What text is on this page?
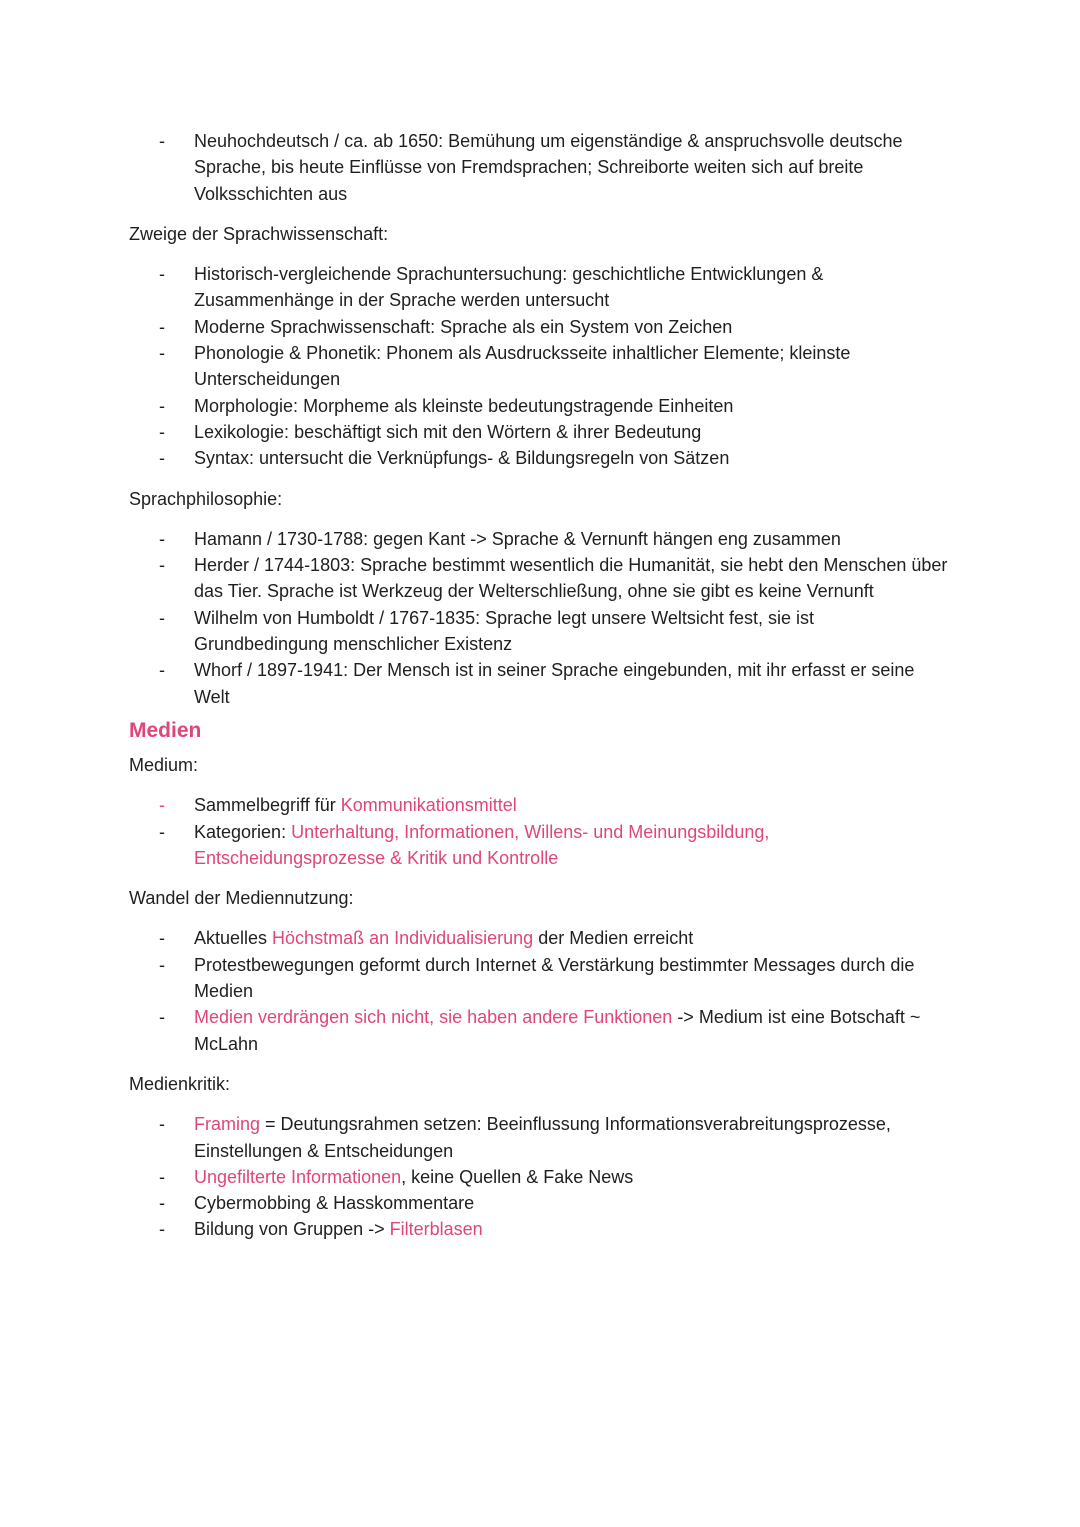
- Neuhochdeutsch / ca. ab 1650: Bemühung um eigenständige & anspruchsvolle deutsche Sprache, bis heute Einflüsse von Fremdsprachen; Schreiborte weiten sich auf breite Volksschichten aus

Zweige der Sprachwissenschaft:

- Historisch-vergleichende Sprachuntersuchung: geschichtliche Entwicklungen & Zusammenhänge in der Sprache werden untersucht
- Moderne Sprachwissenschaft: Sprache als ein System von Zeichen
- Phonologie & Phonetik: Phonem als Ausdrucksseite inhaltlicher Elemente; kleinste Unterscheidungen
- Morphologie: Morpheme als kleinste bedeutungstragende Einheiten
- Lexikologie: beschäftigt sich mit den Wörtern & ihrer Bedeutung
- Syntax: untersucht die Verknüpfungs- & Bildungsregeln von Sätzen

Sprachphilosophie:

- Hamann / 1730-1788: gegen Kant -> Sprache & Vernunft hängen eng zusammen
- Herder / 1744-1803: Sprache bestimmt wesentlich die Humanität, sie hebt den Menschen über das Tier. Sprache ist Werkzeug der Welterschließung, ohne sie gibt es keine Vernunft
- Wilhelm von Humboldt / 1767-1835: Sprache legt unsere Weltsicht fest, sie ist Grundbedingung menschlicher Existenz
- Whorf / 1897-1941: Der Mensch ist in seiner Sprache eingebunden, mit ihr erfasst er seine Welt
Medien

Medium:

- Sammelbegriff für Kommunikationsmittel
- Kategorien: Unterhaltung, Informationen, Willens- und Meinungsbildung, Entscheidungsprozesse & Kritik und Kontrolle

Wandel der Mediennutzung:

- Aktuelles Höchstmaß an Individualisierung der Medien erreicht
- Protestbewegungen geformt durch Internet & Verstärkung bestimmter Messages durch die Medien
- Medien verdrängen sich nicht, sie haben andere Funktionen -> Medium ist eine Botschaft ~ McLahn

Medienkritik:

- Framing = Deutungsrahmen setzen: Beeinflussung Informationsverabreitungsprozesse, Einstellungen & Entscheidungen
- Ungefilterte Informationen, keine Quellen & Fake News
- Cybermobbing & Hasskommentare
- Bildung von Gruppen -> Filterblasen
